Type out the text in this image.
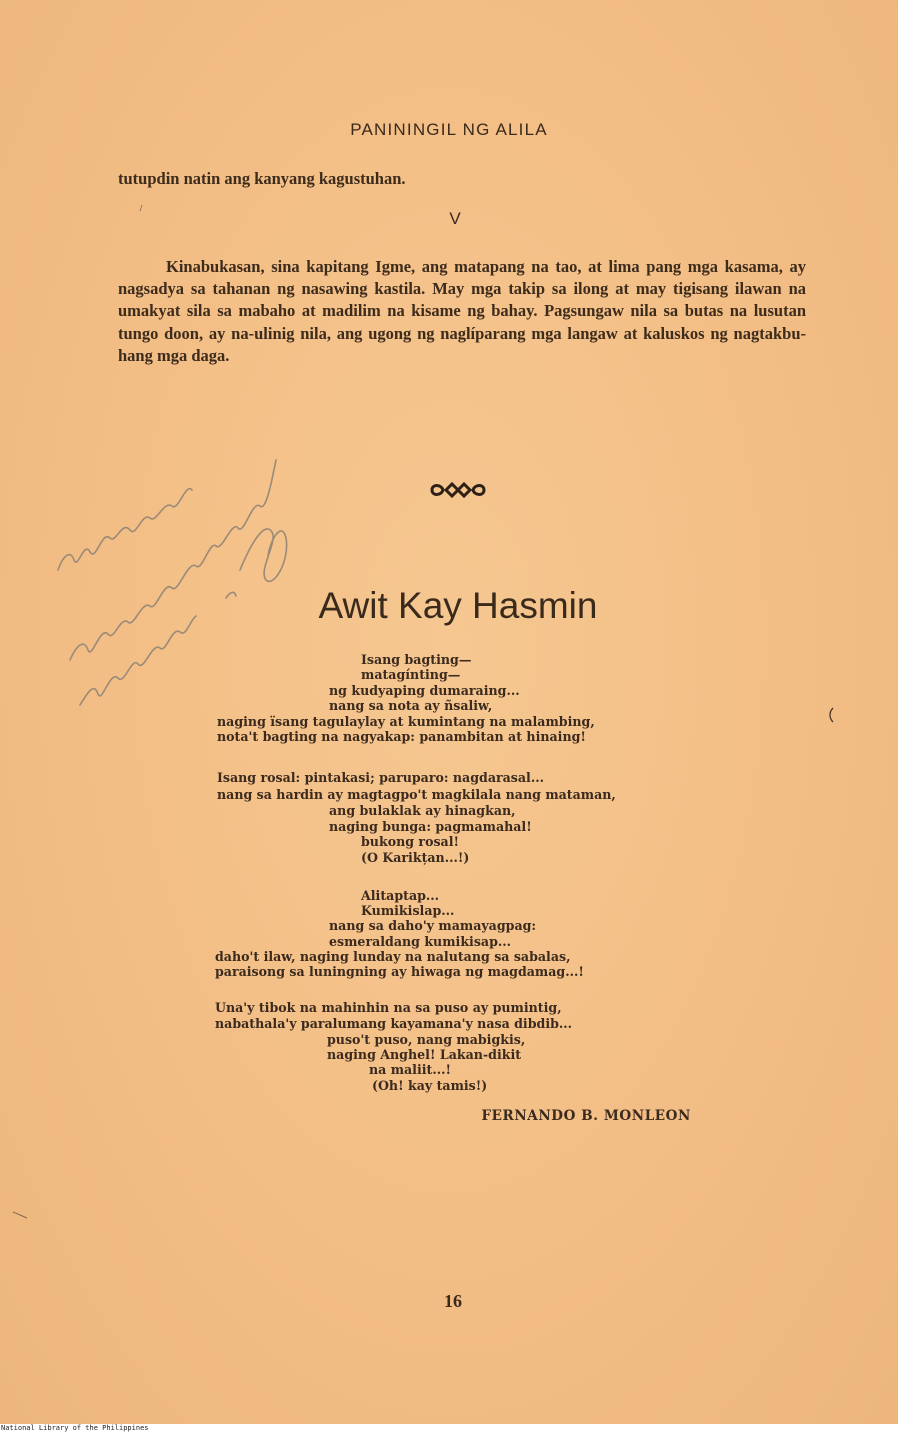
PANININGIL NG ALILA
tutupdin natin ang kanyang kagustuhan.
V
Kinabukasan, sina kapitang Igme, ang matapang na tao, at lima pang mga kasama, ay nagsadya sa tahanan ng nasawing kastila. May mga takip sa ilong at may tigisang ilawan na umakyat sila sa mabaho at madilim na kisame ng bahay. Pagsungaw nila sa butas na lusutan tungo doon, ay na-ulinig nila, ang ugong ng naglíparang mga langaw at kaluskos ng nagtakbu-hang mga daga.
Awit Kay Hasmin
Isang bagting—
matagínting—
ng kudyaping dumaraing...
nang sa nota ay ñsaliw,
naging ïsang tagulaylay at kumintang na malambing,
nota't bagting na nagyakap: panambitan at hinaing!
Isang rosal: pintakasi; paruparo: nagdarasal...
nang sa hardin ay magtagpo't magkilala nang mataman,
ang bulaklak ay hinagkan,
naging bunga: pagmamahal!
bukong rosal!
(O Karikțan...!)
Alitaptap...
Kumikislap...
nang sa daho'y mamayagpag:
esmeraldang kumikisap...
daho't ilaw, naging lunday na nalutang sa sabalas,
paraisong sa luningning ay hiwaga ng magdamag...!
Una'y tibok na mahinhin na sa puso ay pumintig,
nabathala'y paralumang kayamana'y nasa dibdib...
puso't puso, nang mabigkis,
naging Anghel! Lakan-dikit
na maliit...!
(Oh! kay tamis!)
FERNANDO B. MONLEON
16
National Library of the Philippines
